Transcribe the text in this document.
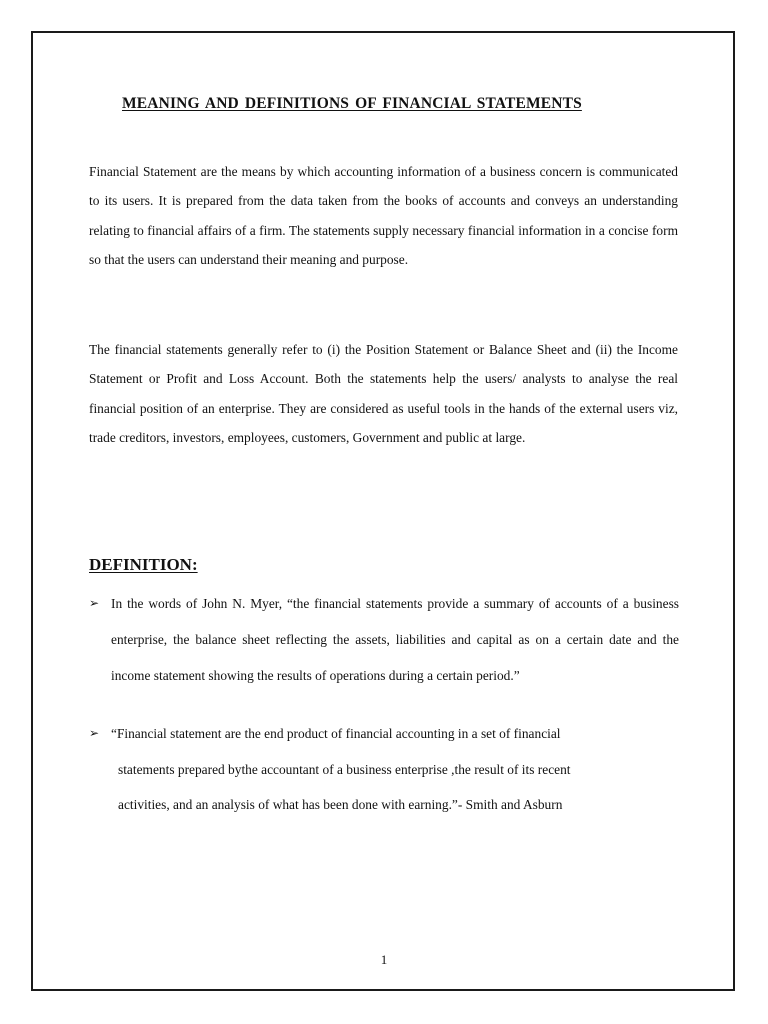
MEANING AND DEFINITIONS OF FINANCIAL STATEMENTS

Financial Statement are the means by which accounting information of a business concern is communicated to its users. It is prepared from the data taken from the books of accounts and conveys an understanding relating to financial affairs of a firm. The statements supply necessary financial information in a concise form so that the users can understand their meaning and purpose.

The financial statements generally refer to (i) the Position Statement or Balance Sheet and (ii) the Income Statement or Profit and Loss Account. Both the statements help the users/ analysts to analyse the real financial position of an enterprise. They are considered as useful tools in the hands of the external users viz, trade creditors, investors, employees, customers, Government and public at large.

DEFINITION:
➢ In the words of John N. Myer, “the financial statements provide a summary of accounts of a business enterprise, the balance sheet reflecting the assets, liabilities and capital as on a certain date and the income statement showing the results of operations during a certain period.”
➢ “Financial statement are the end product of financial accounting in a set of financial
statements prepared bythe accountant of a business enterprise ,the result of its recent
activities, and an analysis of what has been done with earning.”- Smith and Asburn

1
